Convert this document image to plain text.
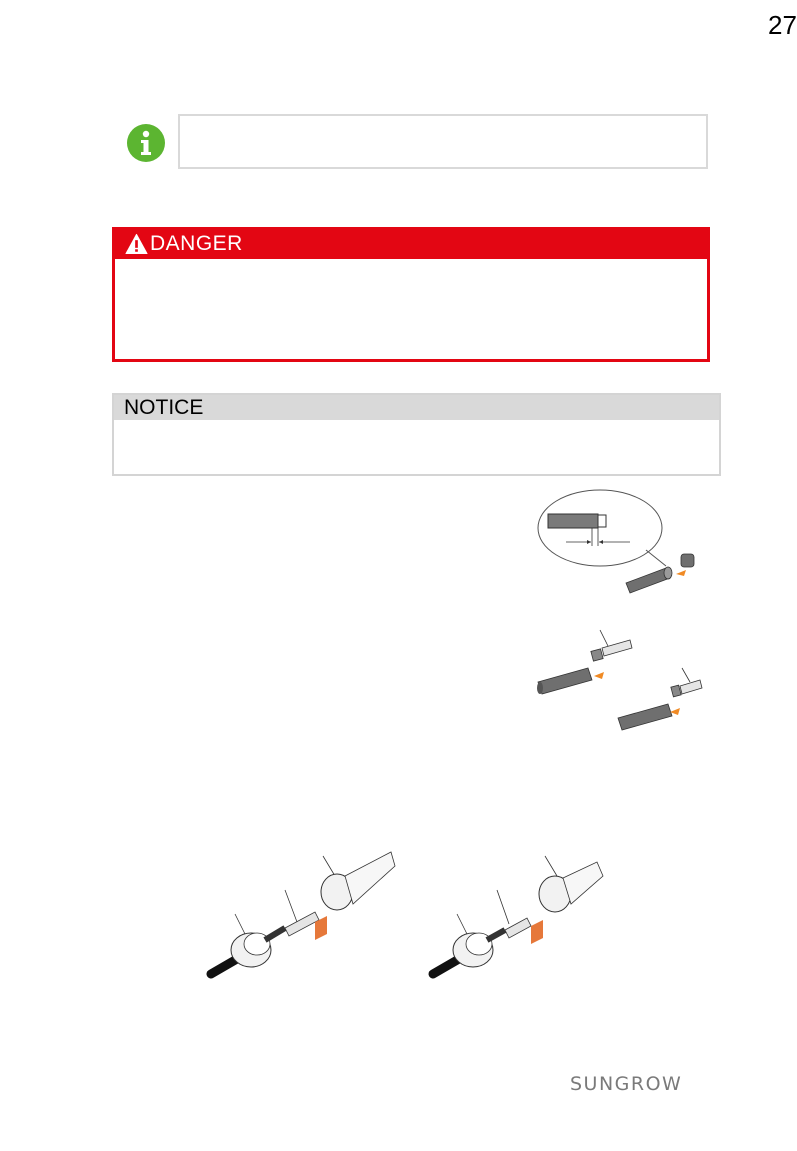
27
DANGER
NOTICE
SUNGROW
